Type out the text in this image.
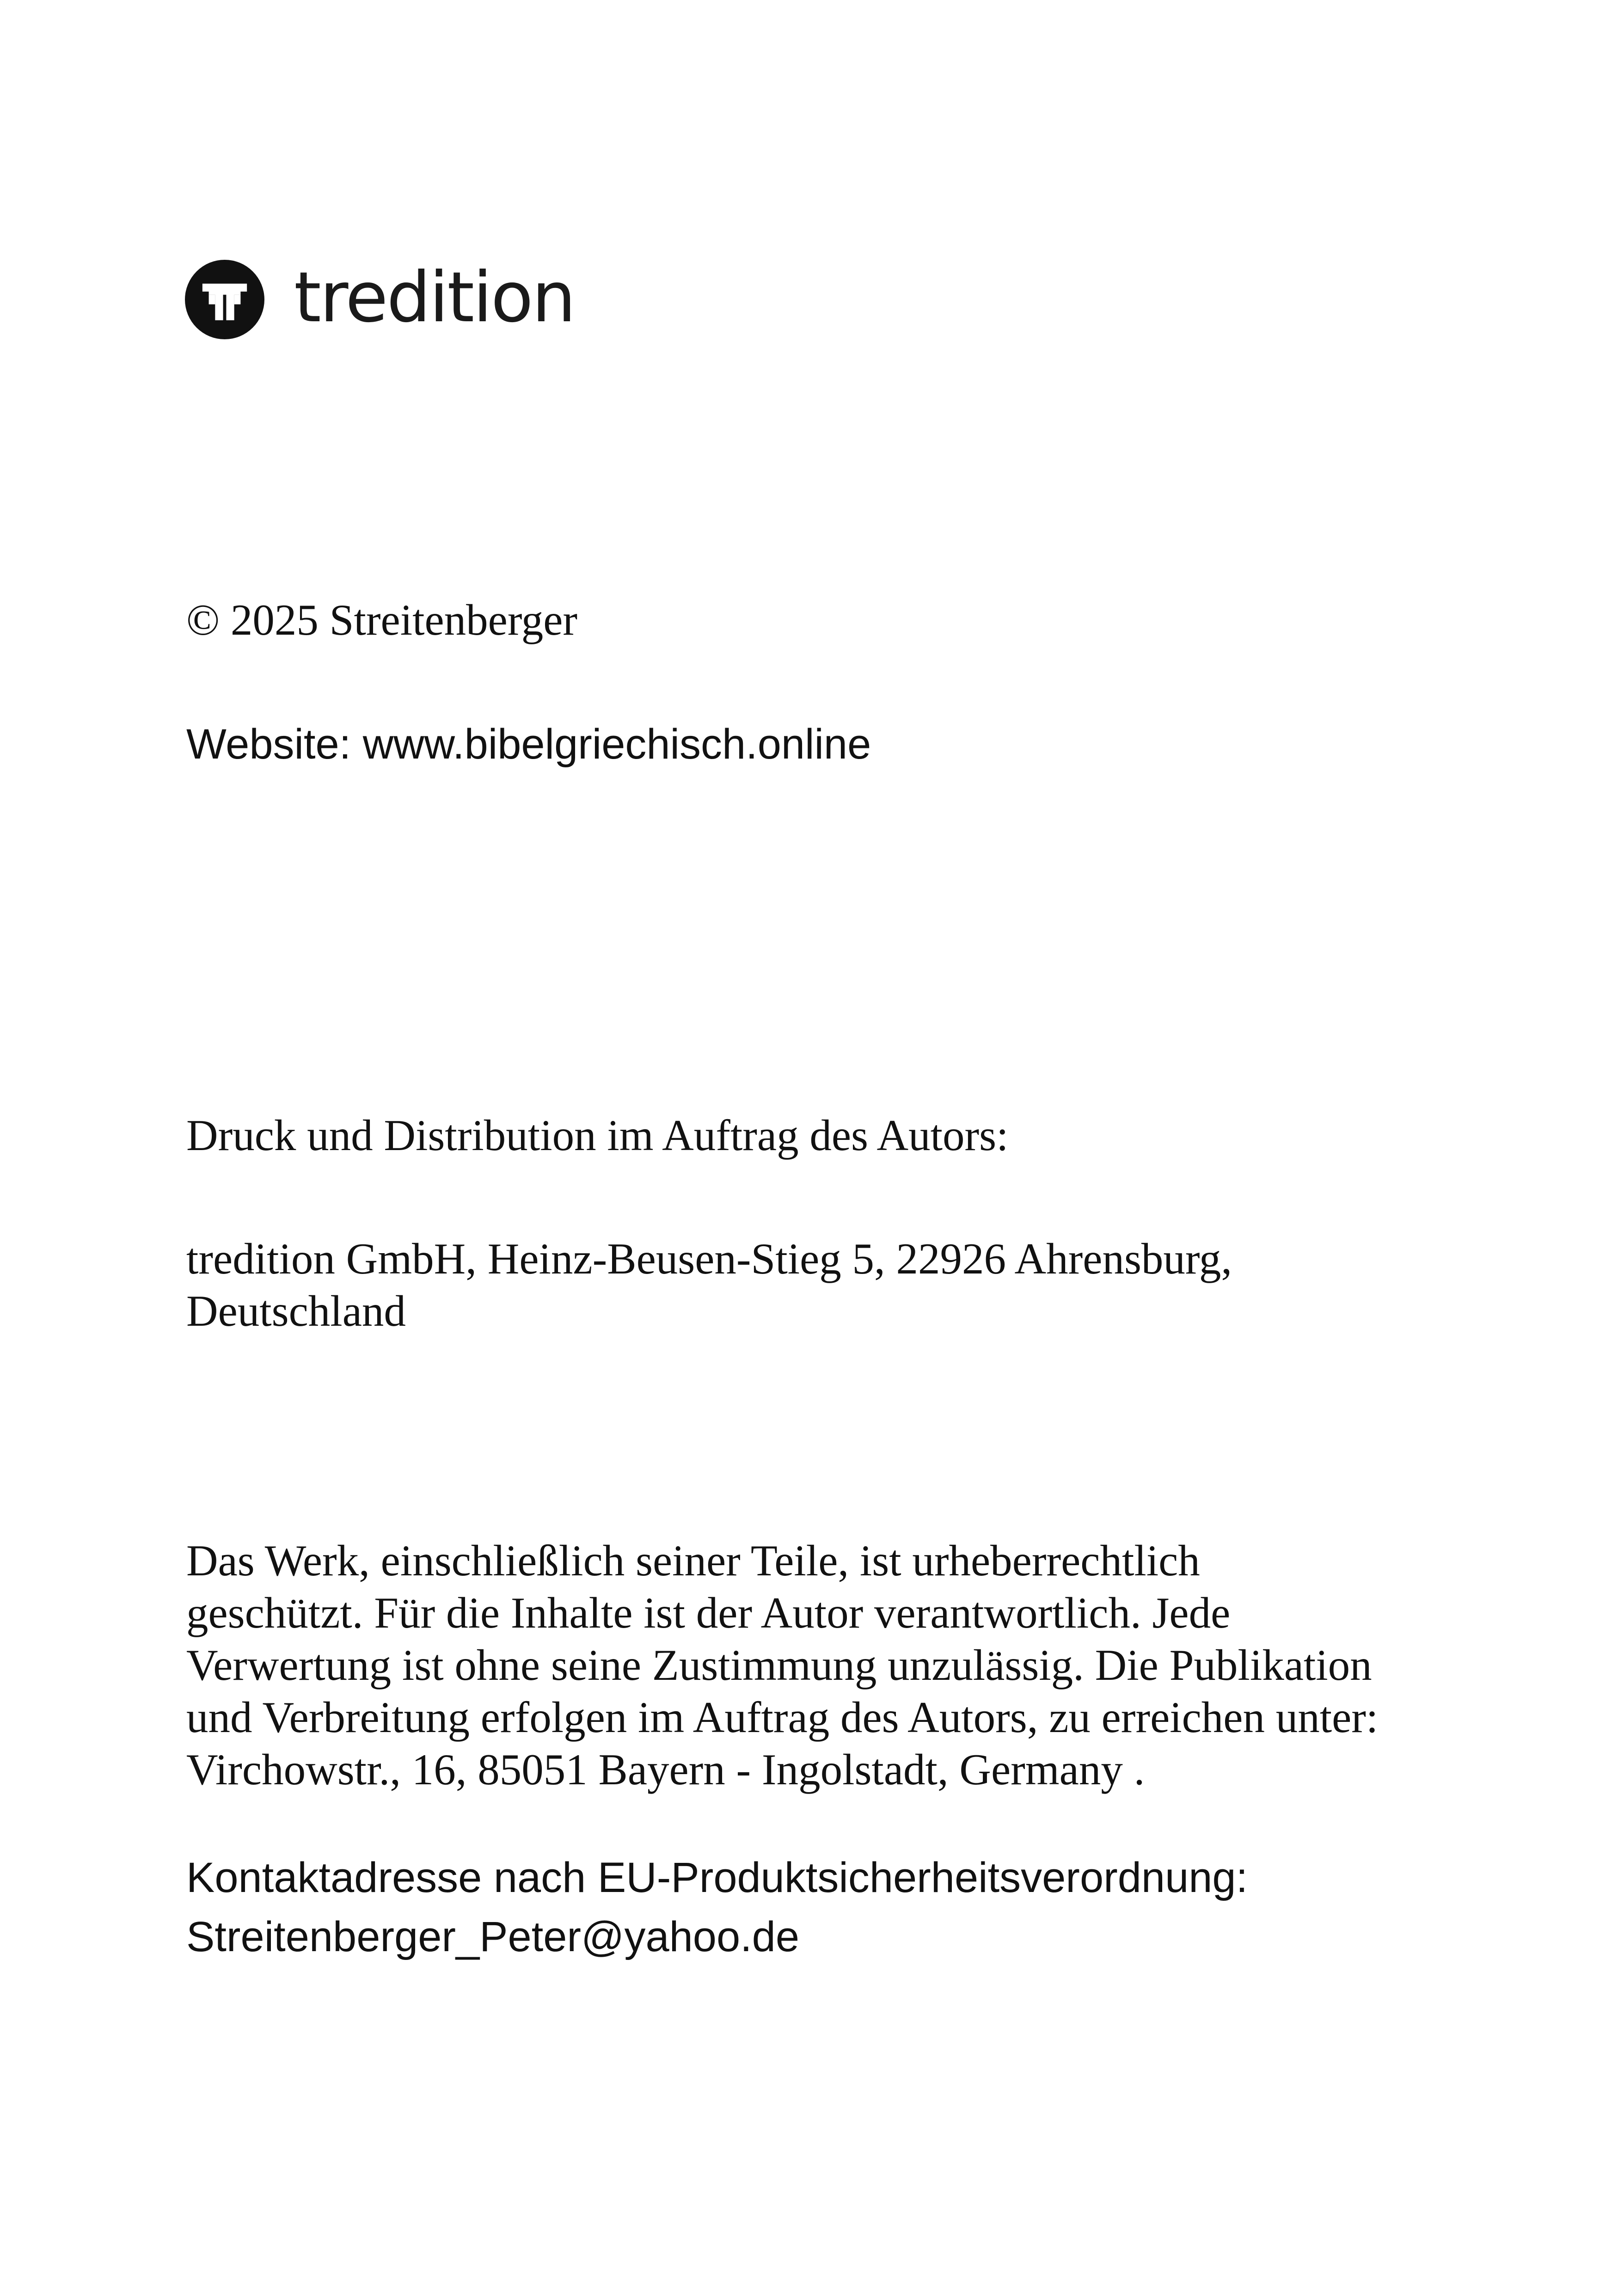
tredition

© 2025 Streitenberger

Website: www.bibelgriechisch.online

Druck und Distribution im Auftrag des Autors:

tredition GmbH, Heinz-Beusen-Stieg 5, 22926 Ahrensburg,
Deutschland

Das Werk, einschließlich seiner Teile, ist urheberrechtlich
geschützt. Für die Inhalte ist der Autor verantwortlich. Jede
Verwertung ist ohne seine Zustimmung unzulässig. Die Publikation
und Verbreitung erfolgen im Auftrag des Autors, zu erreichen unter:
Virchowstr., 16, 85051 Bayern - Ingolstadt, Germany .

Kontaktadresse nach EU-Produktsicherheitsverordnung:
Streitenberger_Peter@yahoo.de
